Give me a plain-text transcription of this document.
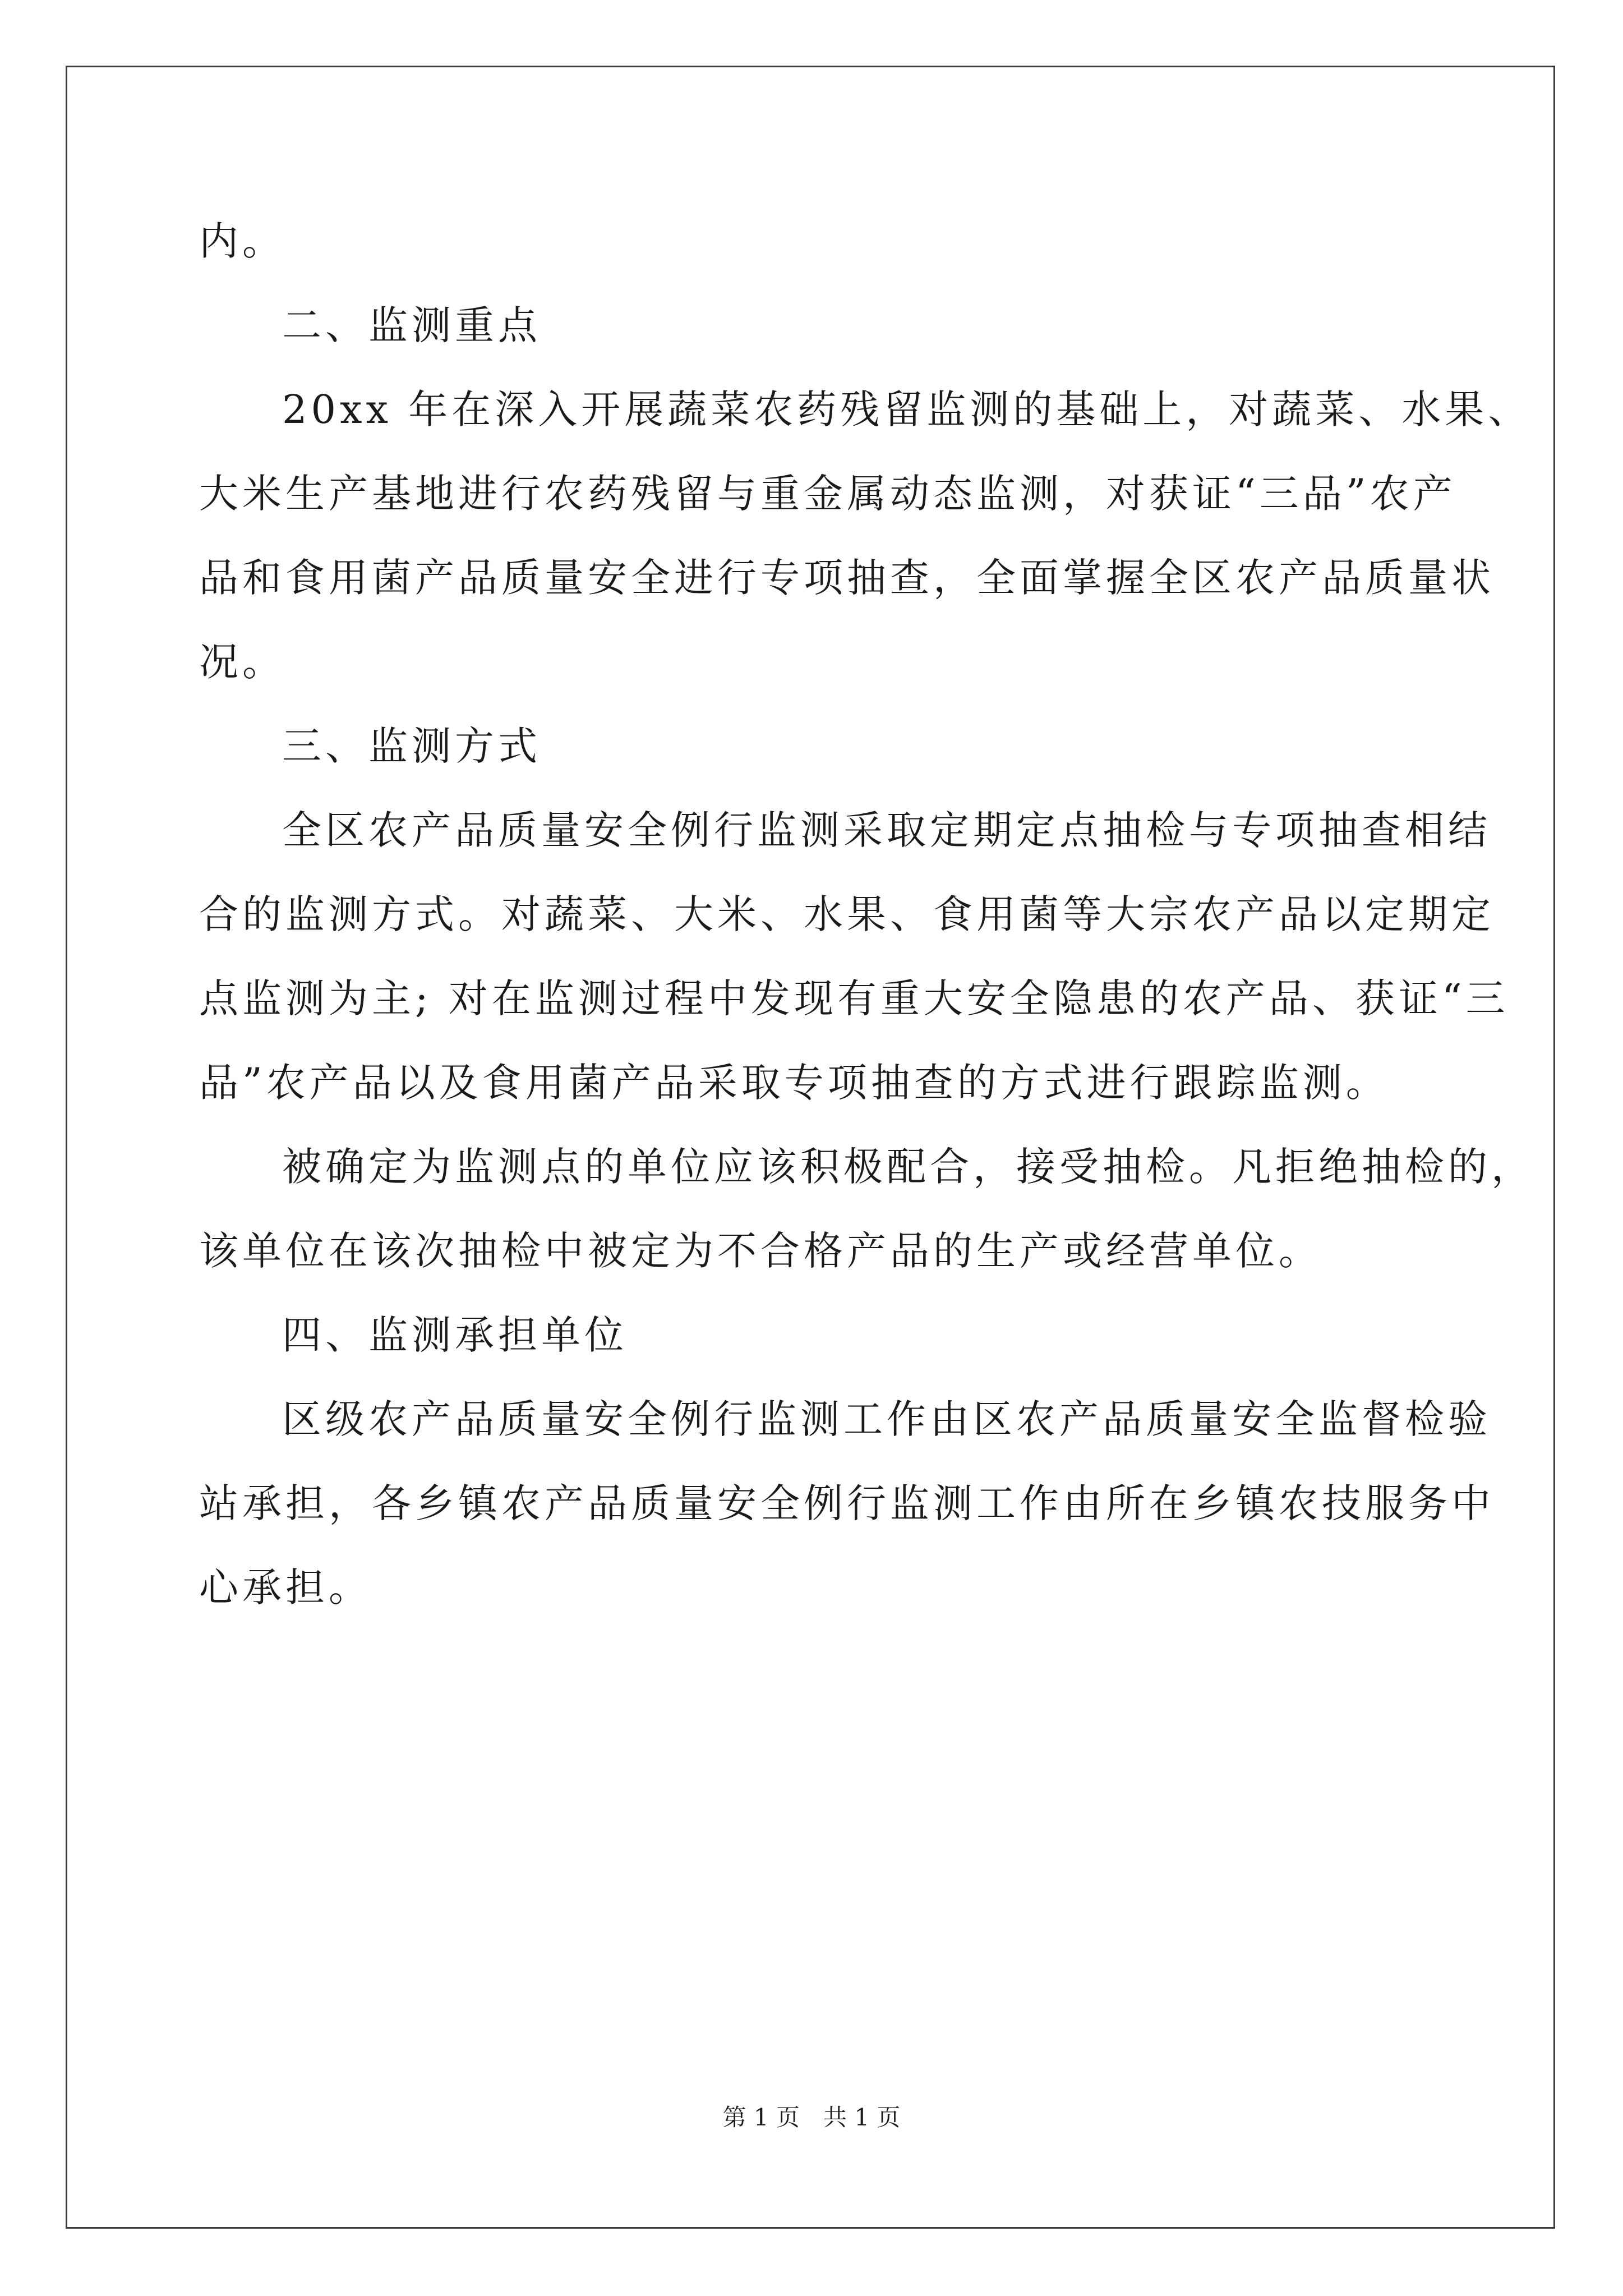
内。
二、监测重点
20xx 年在深入开展蔬菜农药残留监测的基础上，对蔬菜、水果、
大米生产基地进行农药残留与重金属动态监测，对获证“三品”农产
品和食用菌产品质量安全进行专项抽查，全面掌握全区农产品质量状
况。
三、监测方式
全区农产品质量安全例行监测采取定期定点抽检与专项抽查相结
合的监测方式。对蔬菜、大米、水果、食用菌等大宗农产品以定期定
点监测为主; 对在监测过程中发现有重大安全隐患的农产品、获证“三
品”农产品以及食用菌产品采取专项抽查的方式进行跟踪监测。
被确定为监测点的单位应该积极配合，接受抽检。凡拒绝抽检的，
该单位在该次抽检中被定为不合格产品的生产或经营单位。
四、监测承担单位
区级农产品质量安全例行监测工作由区农产品质量安全监督检验
站承担，各乡镇农产品质量安全例行监测工作由所在乡镇农技服务中
心承担。
第 1 页　共 1 页
